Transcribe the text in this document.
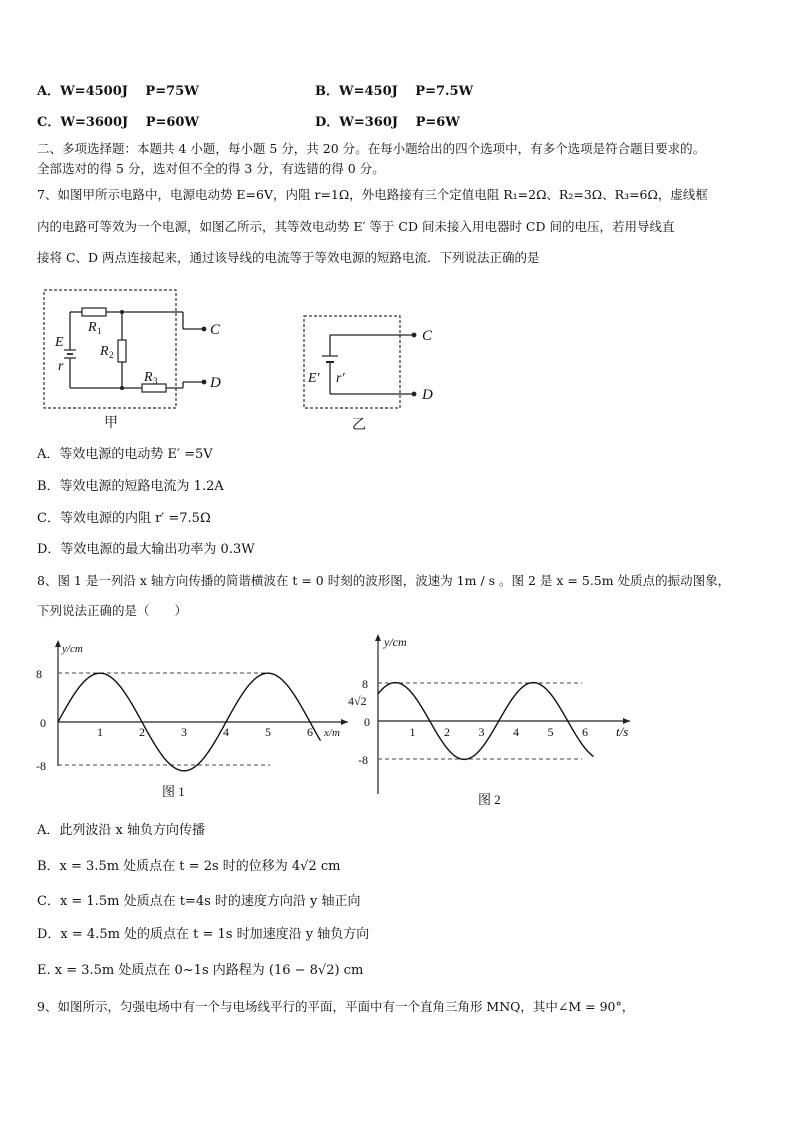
A．W=4500J　 P=75W	B．W=450J　 P=7.5W
C．W=3600J　 P=60W	D．W=360J　 P=6W
二、多项选择题：本题共 4 小题，每小题 5 分，共 20 分。在每小题给出的四个选项中，有多个选项是符合题目要求的。
全部选对的得 5 分，选对但不全的得 3 分，有选错的得 0 分。
7、如图甲所示电路中，电源电动势 E=6V，内阻 r=1Ω，外电路接有三个定值电阻 R₁=2Ω、R₂=3Ω、R₃=6Ω，虚线框
内的电路可等效为一个电源，如图乙所示，其等效电动势 E′ 等于 CD 间未接入用电器时 CD 间的电压，若用导线直
接将 C、D 两点连接起来，通过该导线的电流等于等效电源的短路电流．下列说法正确的是
E
r
R 1
R 2
R 3
C
D
甲
E′ r′
C
D
乙
A．等效电源的电动势 E′ =5V
B．等效电源的短路电流为 1.2A
C．等效电源的内阻 r′ =7.5Ω
D．等效电源的最大输出功率为 0.3W
8、图 1 是一列沿 x 轴方向传播的简谐横波在 t = 0 时刻的波形图，波速为 1m / s 。图 2 是 x = 5.5m 处质点的振动图象，
下列说法正确的是（　　）
1	2	3	4	5	6
8
0
-8
y/cm
x/m
图 1
1 2 3 4 5 6
8
4√2
0
-8
y/cm
t/s
图 2
A．此列波沿 x 轴负方向传播
B．x = 3.5m 处质点在 t = 2s 时的位移为 4√2 cm
C．x = 1.5m 处质点在 t=4s 时的速度方向沿 y 轴正向
D．x = 4.5m 处的质点在 t = 1s 时加速度沿 y 轴负方向
E. x = 3.5m 处质点在 0~1s 内路程为 (16 − 8√2) cm
9、如图所示，匀强电场中有一个与电场线平行的平面，平面中有一个直角三角形 MNQ，其中∠M = 90°，
